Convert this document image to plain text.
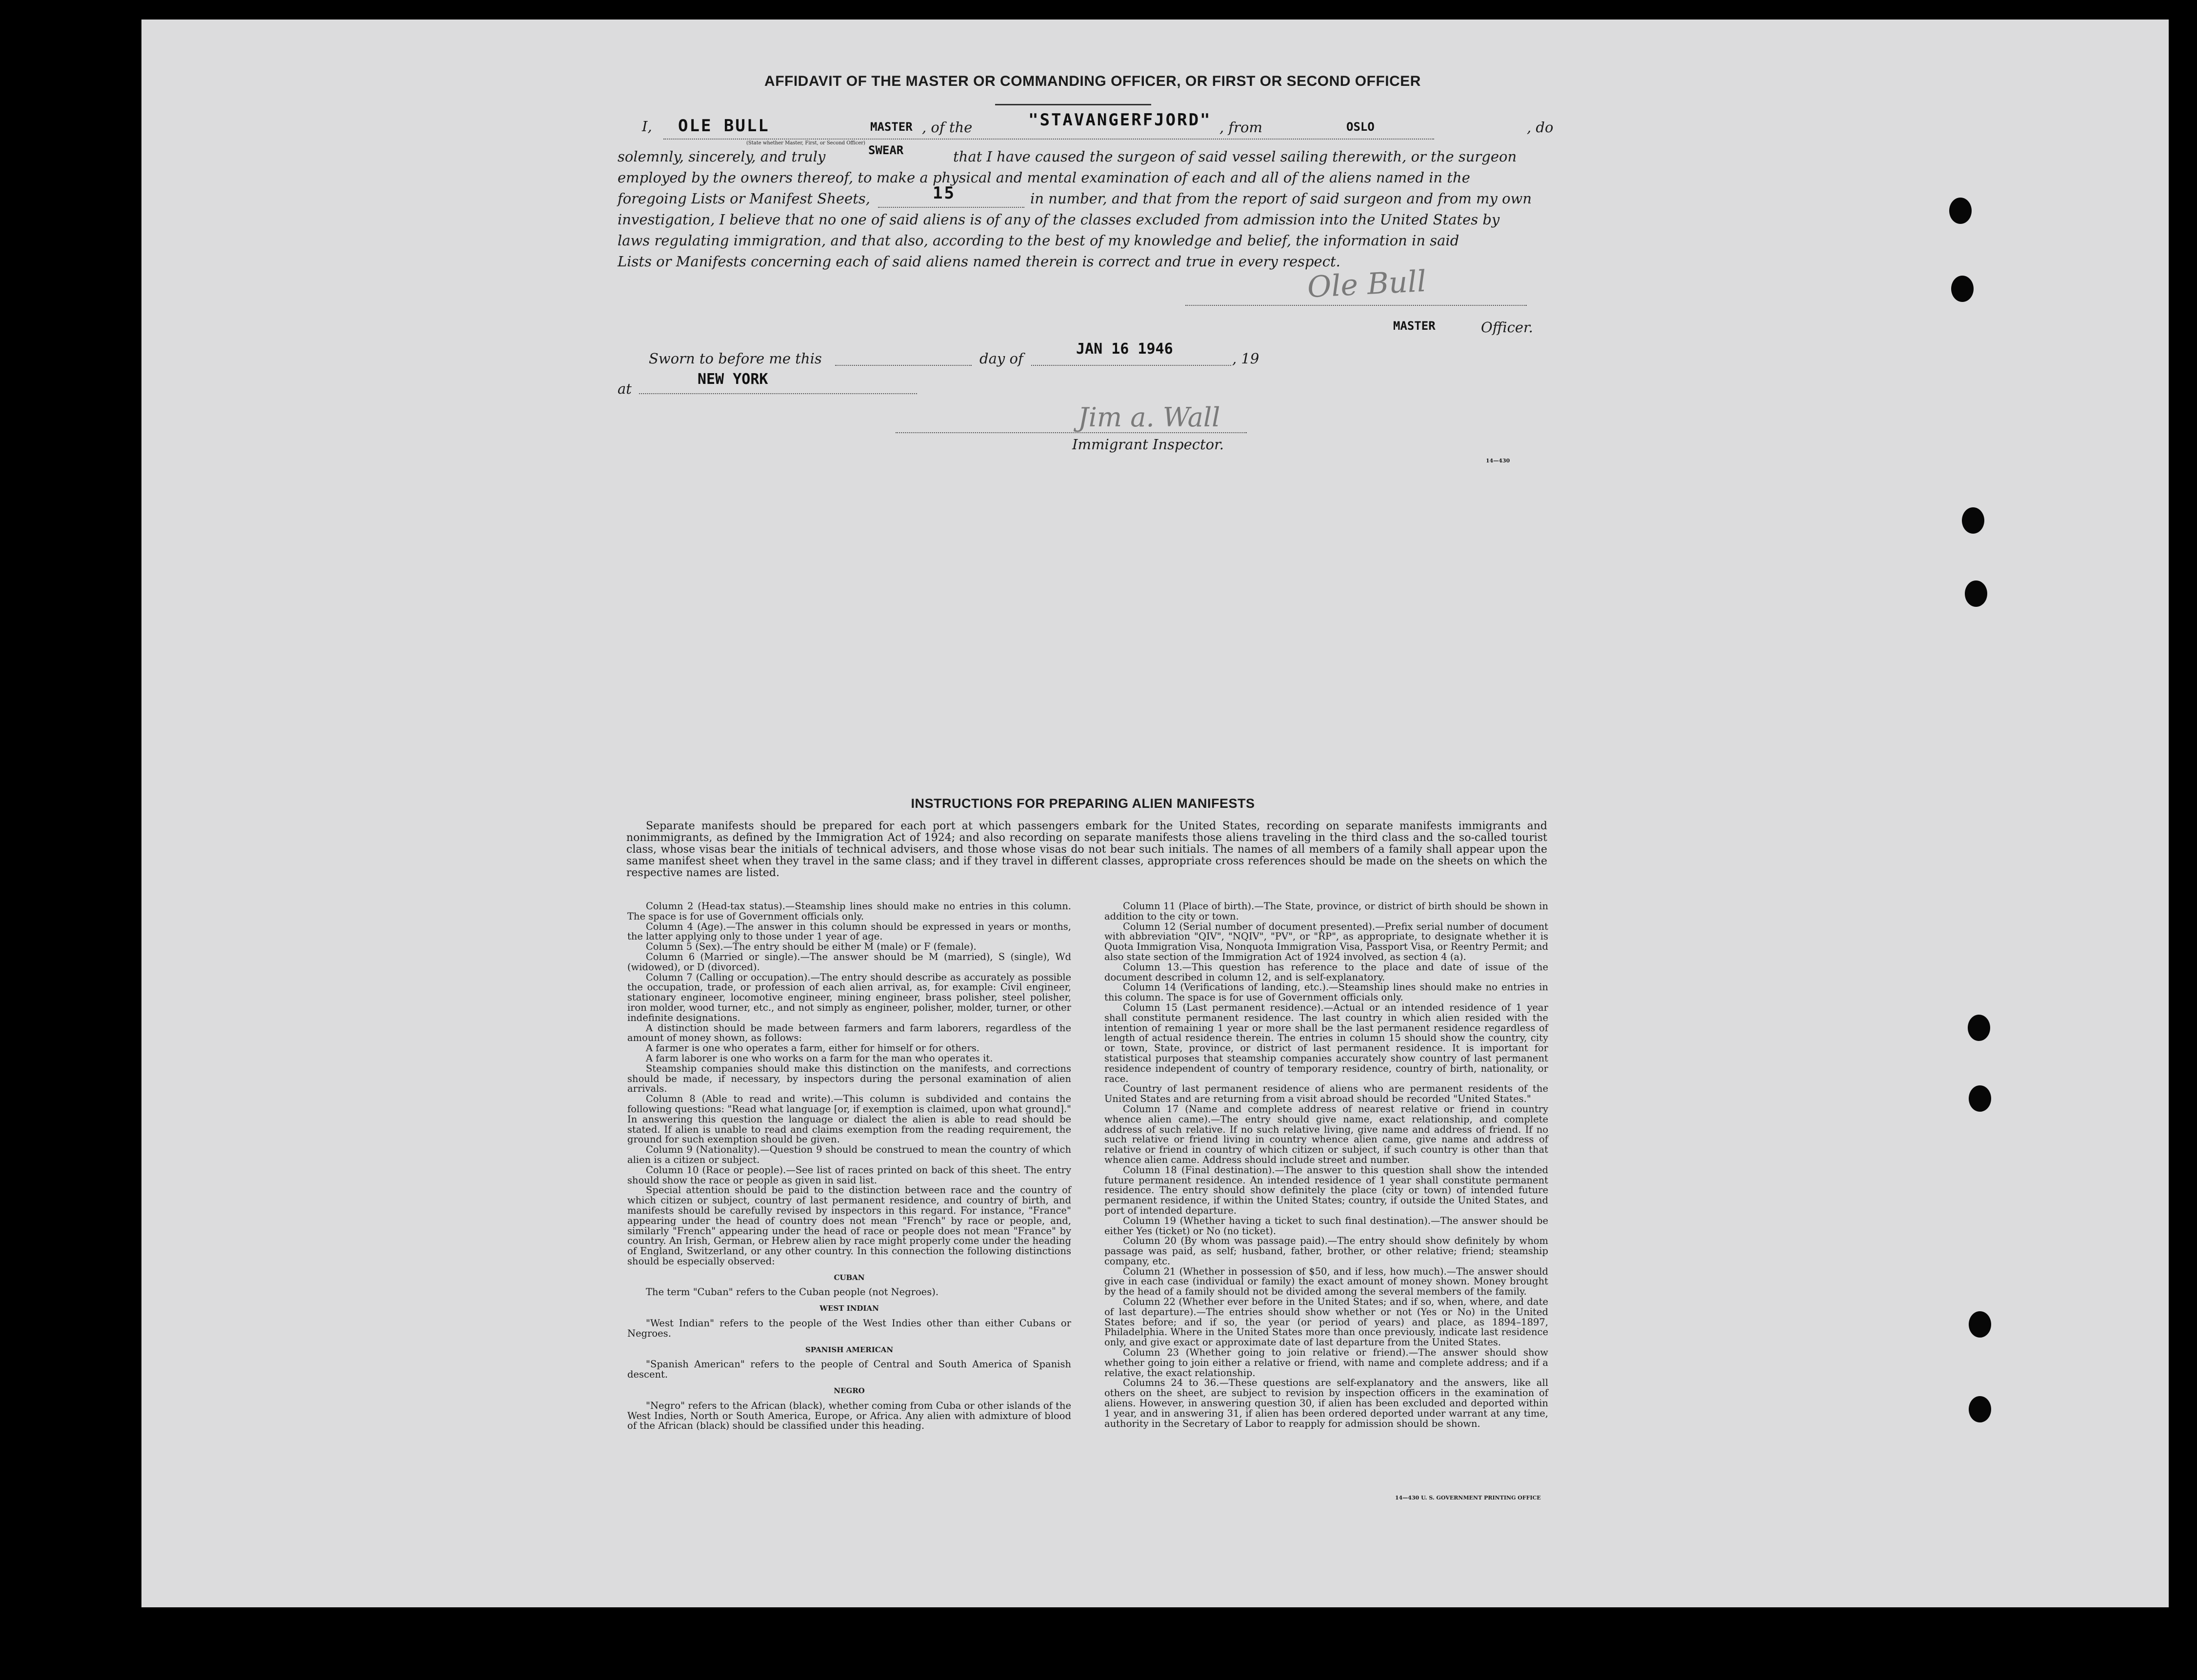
AFFIDAVIT OF THE MASTER OR COMMANDING OFFICER, OR FIRST OR SECOND OFFICER
I, OLE BULL	MASTER , of the	"STAVANGERFJORD" , from	OSLO	, do
(State whether Master, First, or Second Officer)
solemnly, sincerely, and truly	SWEAR	that I have caused the surgeon of said vessel sailing therewith, or the surgeon
employed by the owners thereof, to make a physical and mental examination of each and all of the aliens named in the
foregoing Lists or Manifest Sheets,	15	in number, and that from the report of said surgeon and from my own
investigation, I believe that no one of said aliens is of any of the classes excluded from admission into the United States by
laws regulating immigration, and that also, according to the best of my knowledge and belief, the information in said
Lists or Manifests concerning each of said aliens named therein is correct and true in every respect.
Ole Bull
MASTER	Officer.
Sworn to before me this	day of
JAN 16 1946
, 19
at
NEW YORK
Jim a. Wall
Immigrant Inspector.
14—430
INSTRUCTIONS FOR PREPARING ALIEN MANIFESTS
Separate manifests should be prepared for each port at which passengers embark for the United States, recording on separate manifests immigrants and nonimmigrants, as defined by the Immigration Act of 1924; and also recording on separate manifests those aliens traveling in the third class and the so-called tourist class, whose visas bear the initials of technical advisers, and those whose visas do not bear such initials. The names of all members of a family shall appear upon the same manifest sheet when they travel in the same class; and if they travel in different classes, appropriate cross references should be made on the sheets on which the respective names are listed.

Column 2 (Head-tax status).—Steamship lines should make no entries in this column. The space is for use of Government officials only.

Column 4 (Age).—The answer in this column should be expressed in years or months, the latter applying only to those under 1 year of age.

Column 5 (Sex).—The entry should be either M (male) or F (female).

Column 6 (Married or single).—The answer should be M (married), S (single), Wd (widowed), or D (divorced).

Column 7 (Calling or occupation).—The entry should describe as accurately as possible the occupation, trade, or profession of each alien arrival, as, for example: Civil engineer, stationary engineer, locomotive engineer, mining engineer, brass polisher, steel polisher, iron molder, wood turner, etc., and not simply as engineer, polisher, molder, turner, or other indefinite designations.

A distinction should be made between farmers and farm laborers, regardless of the amount of money shown, as follows:

A farmer is one who operates a farm, either for himself or for others.

A farm laborer is one who works on a farm for the man who operates it.

Steamship companies should make this distinction on the manifests, and corrections should be made, if necessary, by inspectors during the personal examination of alien arrivals.

Column 8 (Able to read and write).—This column is subdivided and contains the following questions: "Read what language [or, if exemption is claimed, upon what ground]." In answering this question the language or dialect the alien is able to read should be stated. If alien is unable to read and claims exemption from the reading requirement, the ground for such exemption should be given.

Column 9 (Nationality).—Question 9 should be construed to mean the country of which alien is a citizen or subject.

Column 10 (Race or people).—See list of races printed on back of this sheet. The entry should show the race or people as given in said list.

Special attention should be paid to the distinction between race and the country of which citizen or subject, country of last permanent residence, and country of birth, and manifests should be carefully revised by inspectors in this regard. For instance, "France" appearing under the head of country does not mean "French" by race or people, and, similarly "French" appearing under the head of race or people does not mean "France" by country. An Irish, German, or Hebrew alien by race might properly come under the heading of England, Switzerland, or any other country. In this connection the following distinctions should be especially observed:

CUBAN

The term "Cuban" refers to the Cuban people (not Negroes).

WEST INDIAN

"West Indian" refers to the people of the West Indies other than either Cubans or Negroes.

SPANISH AMERICAN

"Spanish American" refers to the people of Central and South America of Spanish descent.

NEGRO

"Negro" refers to the African (black), whether coming from Cuba or other islands of the West Indies, North or South America, Europe, or Africa. Any alien with admixture of blood of the African (black) should be classified under this heading.

Column 11 (Place of birth).—The State, province, or district of birth should be shown in addition to the city or town.

Column 12 (Serial number of document presented).—Prefix serial number of document with abbreviation "QIV", "NQIV", "PV", or "RP", as appropriate, to designate whether it is Quota Immigration Visa, Nonquota Immigration Visa, Passport Visa, or Reentry Permit; and also state section of the Immigration Act of 1924 involved, as section 4 (a).

Column 13.—This question has reference to the place and date of issue of the document described in column 12, and is self-explanatory.

Column 14 (Verifications of landing, etc.).—Steamship lines should make no entries in this column. The space is for use of Government officials only.

Column 15 (Last permanent residence).—Actual or an intended residence of 1 year shall constitute permanent residence. The last country in which alien resided with the intention of remaining 1 year or more shall be the last permanent residence regardless of length of actual residence therein. The entries in column 15 should show the country, city or town, State, province, or district of last permanent residence. It is important for statistical purposes that steamship companies accurately show country of last permanent residence independent of country of temporary residence, country of birth, nationality, or race.

Country of last permanent residence of aliens who are permanent residents of the United States and are returning from a visit abroad should be recorded "United States."

Column 17 (Name and complete address of nearest relative or friend in country whence alien came).—The entry should give name, exact relationship, and complete address of such relative. If no such relative living, give name and address of friend. If no such relative or friend living in country whence alien came, give name and address of relative or friend in country of which citizen or subject, if such country is other than that whence alien came. Address should include street and number.

Column 18 (Final destination).—The answer to this question shall show the intended future permanent residence. An intended residence of 1 year shall constitute permanent residence. The entry should show definitely the place (city or town) of intended future permanent residence, if within the United States; country, if outside the United States, and port of intended departure.

Column 19 (Whether having a ticket to such final destination).—The answer should be either Yes (ticket) or No (no ticket).

Column 20 (By whom was passage paid).—The entry should show definitely by whom passage was paid, as self; husband, father, brother, or other relative; friend; steamship company, etc.

Column 21 (Whether in possession of $50, and if less, how much).—The answer should give in each case (individual or family) the exact amount of money shown. Money brought by the head of a family should not be divided among the several members of the family.

Column 22 (Whether ever before in the United States; and if so, when, where, and date of last departure).—The entries should show whether or not (Yes or No) in the United States before; and if so, the year (or period of years) and place, as 1894–1897, Philadelphia. Where in the United States more than once previously, indicate last residence only, and give exact or approximate date of last departure from the United States.

Column 23 (Whether going to join relative or friend).—The answer should show whether going to join either a relative or friend, with name and complete address; and if a relative, the exact relationship.

Columns 24 to 36.—These questions are self-explanatory and the answers, like all others on the sheet, are subject to revision by inspection officers in the examination of aliens. However, in answering question 30, if alien has been excluded and deported within 1 year, and in answering 31, if alien has been ordered deported under warrant at any time, authority in the Secretary of Labor to reapply for admission should be shown.

14—430 U. S. GOVERNMENT PRINTING OFFICE
